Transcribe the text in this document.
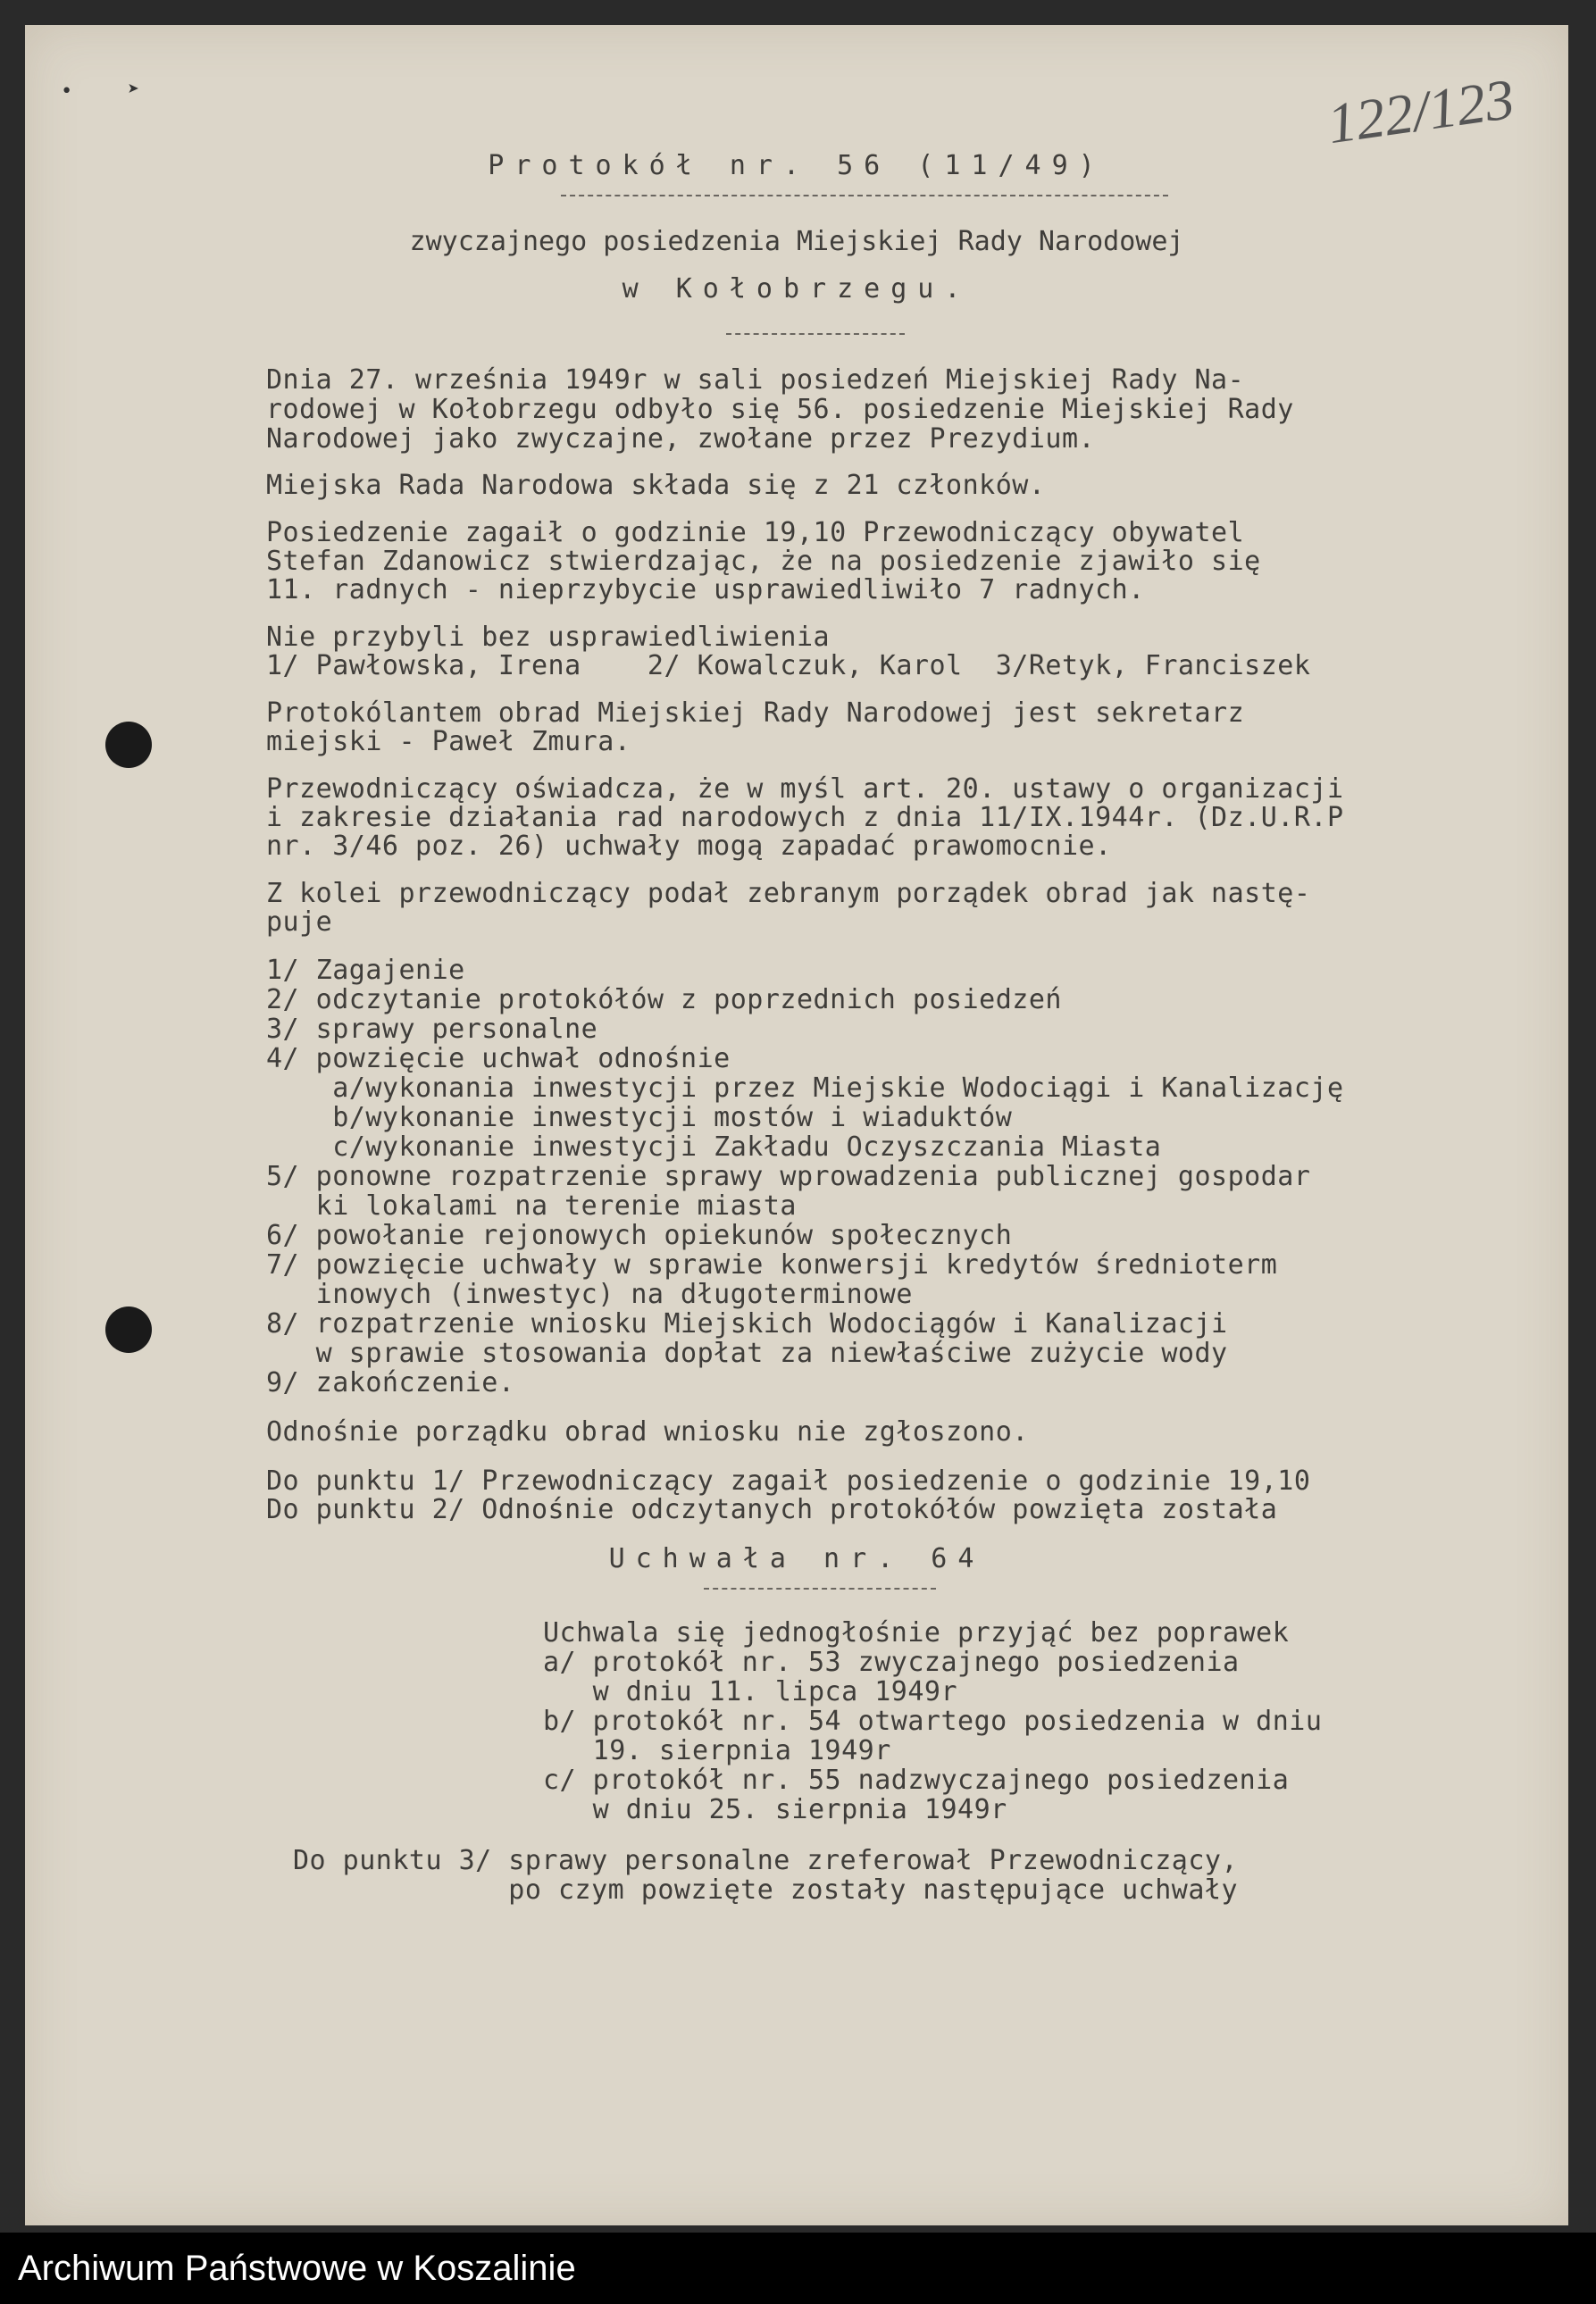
122/123
•	➤
Protokół nr. 56 (11/49)
zwyczajnego posiedzenia Miejskiej Rady Narodowej
w Kołobrzegu.
Dnia 27. września 1949r w sali posiedzeń Miejskiej Rady Na-
rodowej w Kołobrzegu odbyło się 56. posiedzenie Miejskiej Rady
Narodowej jako zwyczajne, zwołane przez Prezydium.
Miejska Rada Narodowa składa się z 21 członków.
Posiedzenie zagaił o godzinie 19,10 Przewodniczący obywatel
Stefan Zdanowicz stwierdzając, że na posiedzenie zjawiło się
11. radnych - nieprzybycie usprawiedliwiło 7 radnych.
Nie przybyli bez usprawiedliwienia
1/ Pawłowska, Irena    2/ Kowalczuk, Karol  3/Retyk, Franciszek
Protokólantem obrad Miejskiej Rady Narodowej jest sekretarz
miejski - Paweł Zmura.
Przewodniczący oświadcza, że w myśl art. 20. ustawy o organizacji
i zakresie działania rad narodowych z dnia 11/IX.1944r. (Dz.U.R.P
nr. 3/46 poz. 26) uchwały mogą zapadać prawomocnie.
Z kolei przewodniczący podał zebranym porządek obrad jak nastę-
puje
1/ Zagajenie
2/ odczytanie protokółów z poprzednich posiedzeń
3/ sprawy personalne
4/ powzięcie uchwał odnośnie
a/wykonania inwestycji przez Miejskie Wodociągi i Kanalizację
b/wykonanie inwestycji mostów i wiaduktów
c/wykonanie inwestycji Zakładu Oczyszczania Miasta
5/ ponowne rozpatrzenie sprawy wprowadzenia publicznej gospodar
ki lokalami na terenie miasta
6/ powołanie rejonowych opiekunów społecznych
7/ powzięcie uchwały w sprawie konwersji kredytów średnioterm
inowych (inwestyc) na długoterminowe
8/ rozpatrzenie wniosku Miejskich Wodociągów i Kanalizacji
w sprawie stosowania dopłat za niewłaściwe zużycie wody
9/ zakończenie.
Odnośnie porządku obrad wniosku nie zgłoszono.
Do punktu 1/ Przewodniczący zagaił posiedzenie o godzinie 19,10
Do punktu 2/ Odnośnie odczytanych protokółów powzięta została
Uchwała nr. 64
Uchwala się jednogłośnie przyjąć bez poprawek
a/ protokół nr. 53 zwyczajnego posiedzenia
w dniu 11. lipca 1949r
b/ protokół nr. 54 otwartego posiedzenia w dniu
19. sierpnia 1949r
c/ protokół nr. 55 nadzwyczajnego posiedzenia
w dniu 25. sierpnia 1949r
Do punktu 3/ sprawy personalne zreferował Przewodniczący,
po czym powzięte zostały następujące uchwały
Archiwum Państwowe w Koszalinie
